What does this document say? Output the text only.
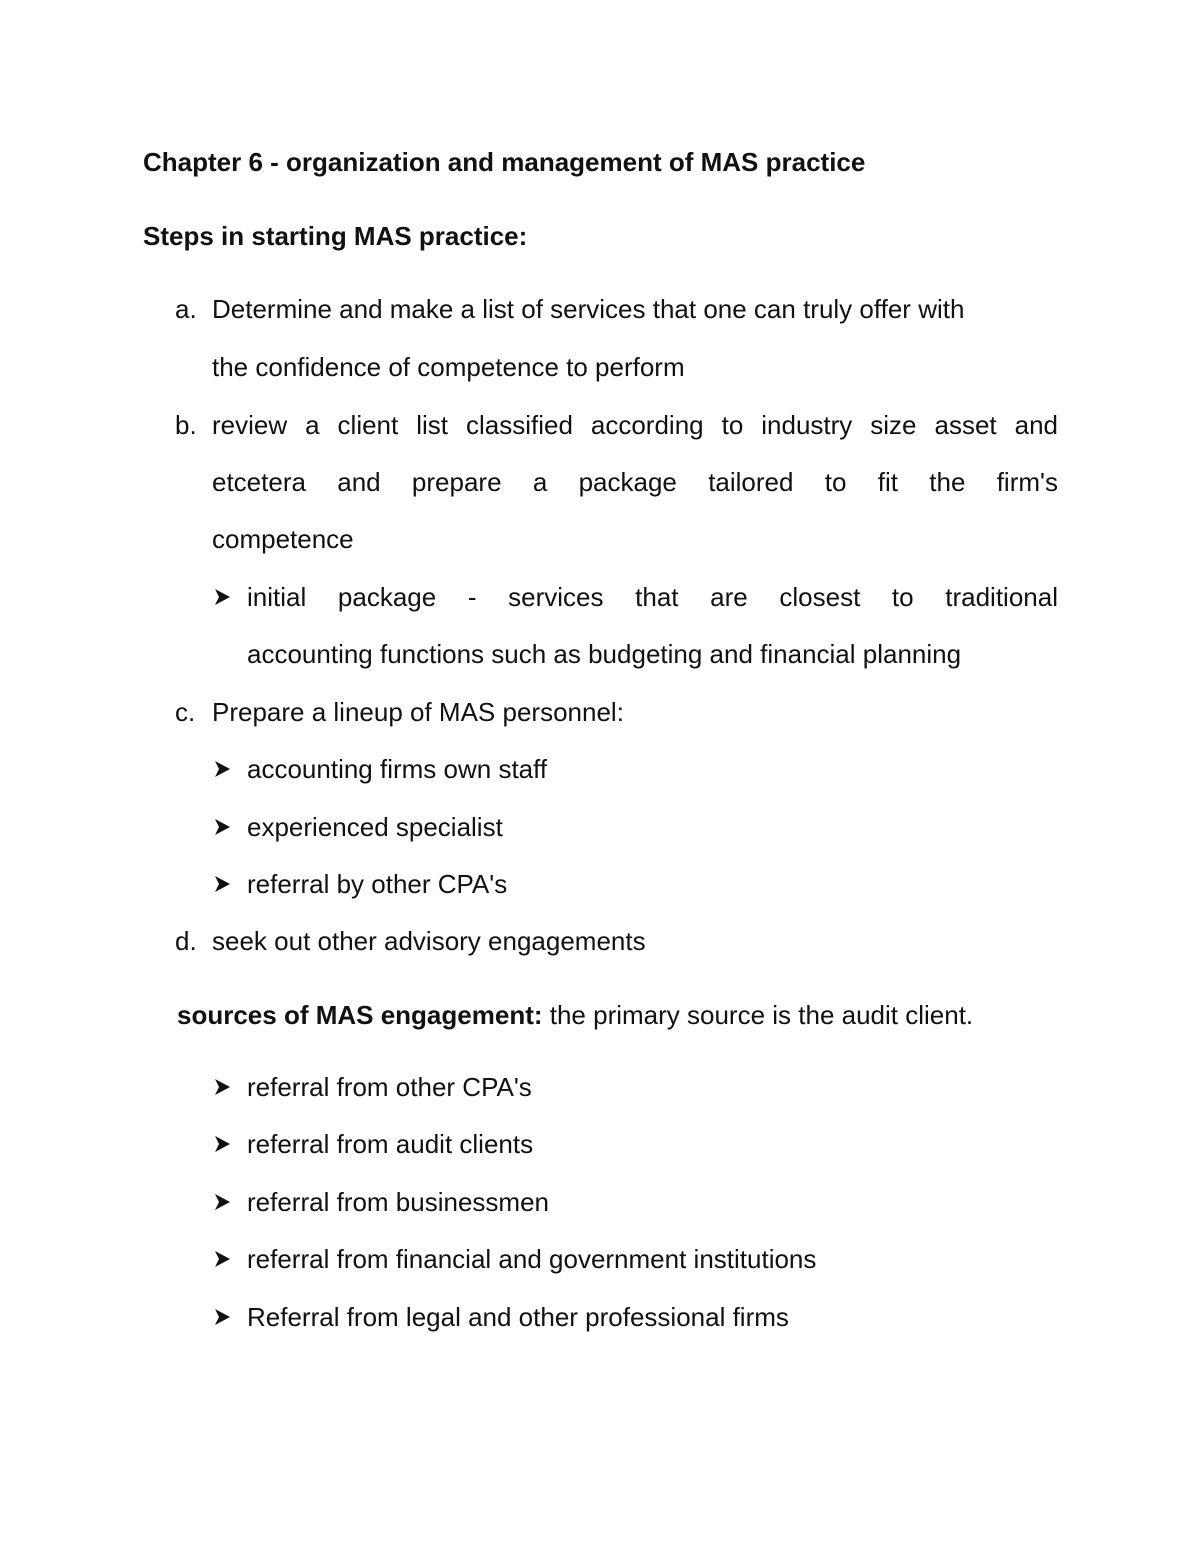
Chapter 6 - organization and management of MAS practice
Steps in starting MAS practice:
a. Determine and make a list of services that one can truly offer with
the confidence of competence to perform
b. review a client list classified according to industry size asset and
etcetera and prepare a package tailored to fit the firm's
competence
initial package - services that are closest to traditional
accounting functions such as budgeting and financial planning
c. Prepare a lineup of MAS personnel:
accounting firms own staff
experienced specialist
referral by other CPA's
d. seek out other advisory engagements
sources of MAS engagement: the primary source is the audit client.
referral from other CPA's
referral from audit clients
referral from businessmen
referral from financial and government institutions
Referral from legal and other professional firms
